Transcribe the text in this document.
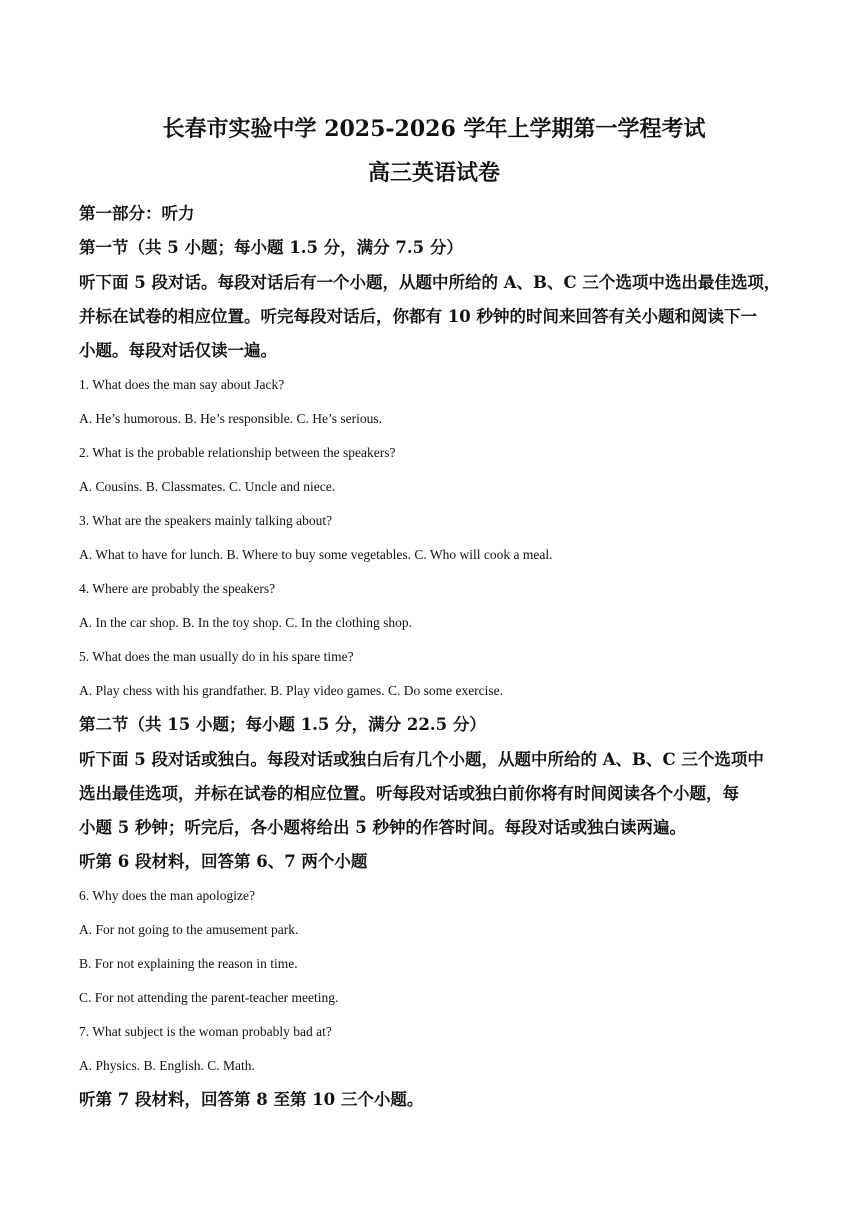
长春市实验中学 2025-2026 学年上学期第一学程考试
高三英语试卷
第一部分：听力
第一节（共 5 小题；每小题 1.5 分，满分 7.5 分）
听下面 5 段对话。每段对话后有一个小题，从题中所给的 A、B、C 三个选项中选出最佳选项，
并标在试卷的相应位置。听完每段对话后，你都有 10 秒钟的时间来回答有关小题和阅读下一
小题。每段对话仅读一遍。
1. What does the man say about Jack?
A. He’s humorous. B. He’s responsible. C. He’s serious.
2. What is the probable relationship between the speakers?
A. Cousins. B. Classmates. C. Uncle and niece.
3. What are the speakers mainly talking about?
A. What to have for lunch. B. Where to buy some vegetables. C. Who will cook a meal.
4. Where are probably the speakers?
A. In the car shop. B. In the toy shop. C. In the clothing shop.
5. What does the man usually do in his spare time?
A. Play chess with his grandfather. B. Play video games. C. Do some exercise.
第二节（共 15 小题；每小题 1.5 分，满分 22.5 分）
听下面 5 段对话或独白。每段对话或独白后有几个小题，从题中所给的 A、B、C 三个选项中
选出最佳选项，并标在试卷的相应位置。听每段对话或独白前你将有时间阅读各个小题，每
小题 5 秒钟；听完后，各小题将给出 5 秒钟的作答时间。每段对话或独白读两遍。
听第 6 段材料，回答第 6、7 两个小题
6. Why does the man apologize?
A. For not going to the amusement park.
B. For not explaining the reason in time.
C. For not attending the parent-teacher meeting.
7. What subject is the woman probably bad at?
A. Physics. B. English. C. Math.
听第 7 段材料，回答第 8 至第 10 三个小题。
